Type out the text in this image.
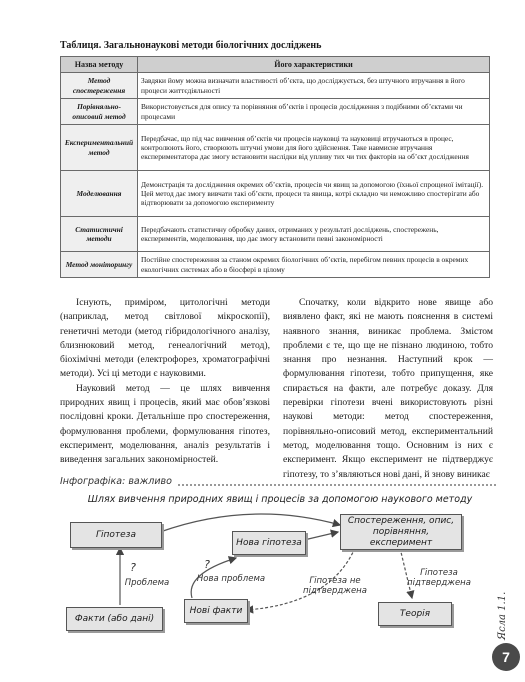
Таблиця. Загальнонаукові методи біологічних досліджень
Назва методу	Його характеристики
Метод спостереження	Завдяки йому можна визначати властивості об’єкта, що досліджується, без штучного втручання в його процеси життєдіяльності
Порівняльно-описовий метод	Використовується для опису та порівняння об’єктів і процесів дослідження з подібними об’єктами чи процесами
Експериментальний метод	Передбачає, що під час вивчення об’єктів чи процесів науковці та науковиці втручаються в процес, контролюють його, створюють штучні умови для його здійснення. Таке навмисне втручання експериментатора дає змогу встановити наслідки від упливу тих чи тих факторів на об’єкт дослідження
Моделювання	Демонстрація та дослідження окремих об’єктів, процесів чи явищ за допомогою (їхньої спрощеної імітації). Цей метод дає змогу вивчати такі об’єкти, процеси та явища, котрі складно чи неможливо спостерігати або відтворювати за допомогою експерименту
Статистичні методи	Передбачають статистичну обробку даних, отриманих у результаті досліджень, спостережень, експериментів, моделювання, що дає змогу встановити певні закономірності
Метод моніторингу	Постійне спостереження за станом окремих біологічних об’єктів, перебігом певних процесів в окремих екологічних системах або в біосфері в цілому

Існують, приміром, цитологічні методи (наприклад, метод світлової мікроскопії), генетичні методи (метод гібридологічного аналізу, близнюковий метод, генеалогічний метод), біохімічні методи (електрофорез, хроматографічні методи). Усі ці методи є науковими.

Науковий метод — це шлях вивчення природних явищ і процесів, який має обов’язкові послідовні кроки. Детальніше про спостереження, формулювання проблеми, формулювання гіпотез, експеримент, моделювання, аналіз результатів і виведення загальних закономірностей.

Спочатку, коли відкрито нове явище або виявлено факт, які не мають пояснення в системі наявного знання, виникає проблема. Змістом проблеми є те, що ще не пізнано людиною, тобто знання про незнання. Наступний крок — формулювання гіпотези, тобто припущення, яке спирається на факти, але потребує доказу. Для перевірки гіпотези вчені використовують різні наукові методи: метод спостереження, порівняльно-описовий метод, експериментальний метод, моделювання тощо. Основним із них є експеримент. Якщо експеримент не підтверджує гіпотезу, то з’являються нові дані, й знову виникає

Інфографіка: важливо
Шлях вивчення природних явищ і процесів за допомогою наукового методу
Гіпотеза
Нова гіпотеза
Спостереження, опис, порівняння, експеримент
Факти (або дані)
Нові факти	Теорія
?
Проблема
?
Нова проблема	Гіпотеза не підтверджена
Гіпотеза підтверджена
Ясла 1.1.
7
